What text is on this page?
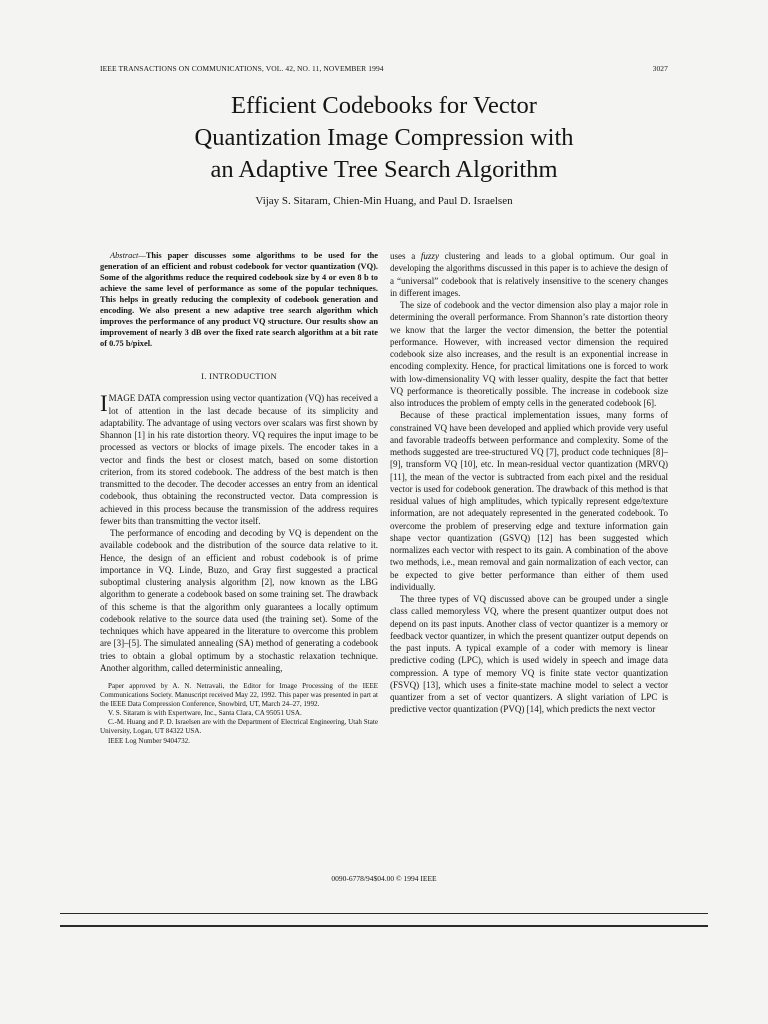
IEEE TRANSACTIONS ON COMMUNICATIONS, VOL. 42, NO. 11, NOVEMBER 1994	3027
Efficient Codebooks for Vector
Quantization Image Compression with
an Adaptive Tree Search Algorithm
Vijay S. Sitaram, Chien-Min Huang, and Paul D. Israelsen

Abstract—This paper discusses some algorithms to be used for the generation of an efficient and robust codebook for vector quantization (VQ). Some of the algorithms reduce the required codebook size by 4 or even 8 b to achieve the same level of performance as some of the popular techniques. This helps in greatly reducing the complexity of codebook generation and encoding. We also present a new adaptive tree search algorithm which improves the performance of any product VQ structure. Our results show an improvement of nearly 3 dB over the fixed rate search algorithm at a bit rate of 0.75 b/pixel.

I. INTRODUCTION

IMAGE DATA compression using vector quantization (VQ) has received a lot of attention in the last decade because of its simplicity and adaptability. The advantage of using vectors over scalars was first shown by Shannon [1] in his rate distortion theory. VQ requires the input image to be processed as vectors or blocks of image pixels. The encoder takes in a vector and finds the best or closest match, based on some distortion criterion, from its stored codebook. The address of the best match is then transmitted to the decoder. The decoder accesses an entry from an identical codebook, thus obtaining the reconstructed vector. Data compression is achieved in this process because the transmission of the address requires fewer bits than transmitting the vector itself.

The performance of encoding and decoding by VQ is dependent on the available codebook and the distribution of the source data relative to it. Hence, the design of an efficient and robust codebook is of prime importance in VQ. Linde, Buzo, and Gray first suggested a practical suboptimal clustering analysis algorithm [2], now known as the LBG algorithm to generate a codebook based on some training set. The drawback of this scheme is that the algorithm only guarantees a locally optimum codebook relative to the source data used (the training set). Some of the techniques which have appeared in the literature to overcome this problem are [3]–[5]. The simulated annealing (SA) method of generating a codebook tries to obtain a global optimum by a stochastic relaxation technique. Another algorithm, called deterministic annealing,

Paper approved by A. N. Netravali, the Editor for Image Processing of the IEEE Communications Society. Manuscript received May 22, 1992. This paper was presented in part at the IEEE Data Compression Conference, Snowbird, UT, March 24–27, 1992.

V. S. Sitaram is with Expertware, Inc., Santa Clara, CA 95051 USA.

C.-M. Huang and P. D. Israelsen are with the Department of Electrical Engineering, Utah State University, Logan, UT 84322 USA.

IEEE Log Number 9404732.

uses a fuzzy clustering and leads to a global optimum. Our goal in developing the algorithms discussed in this paper is to achieve the design of a “universal” codebook that is relatively insensitive to the scenery changes in different images.

The size of codebook and the vector dimension also play a major role in determining the overall performance. From Shannon’s rate distortion theory we know that the larger the vector dimension, the better the potential performance. However, with increased vector dimension the required codebook size also increases, and the result is an exponential increase in encoding complexity. Hence, for practical limitations one is forced to work with low-dimensionality VQ with lesser quality, despite the fact that better VQ performance is theoretically possible. The increase in codebook size also introduces the problem of empty cells in the generated codebook [6].

Because of these practical implementation issues, many forms of constrained VQ have been developed and applied which provide very useful and favorable tradeoffs between performance and complexity. Some of the methods suggested are tree-structured VQ [7], product code techniques [8]–[9], transform VQ [10], etc. In mean-residual vector quantization (MRVQ) [11], the mean of the vector is subtracted from each pixel and the residual vector is used for codebook generation. The drawback of this method is that residual values of high amplitudes, which typically represent edge/texture information, are not adequately represented in the generated codebook. To overcome the problem of preserving edge and texture information gain shape vector quantization (GSVQ) [12] has been suggested which normalizes each vector with respect to its gain. A combination of the above two methods, i.e., mean removal and gain normalization of each vector, can be expected to give better performance than either of them used individually.

The three types of VQ discussed above can be grouped under a single class called memoryless VQ, where the present quantizer output does not depend on its past inputs. Another class of vector quantizer is a memory or feedback vector quantizer, in which the present quantizer output depends on the past inputs. A typical example of a coder with memory is linear predictive coding (LPC), which is used widely in speech and image data compression. A type of memory VQ is finite state vector quantization (FSVQ) [13], which uses a finite-state machine model to select a vector quantizer from a set of vector quantizers. A slight variation of LPC is predictive vector quantization (PVQ) [14], which predicts the next vector

0090-6778/94$04.00 © 1994 IEEE
